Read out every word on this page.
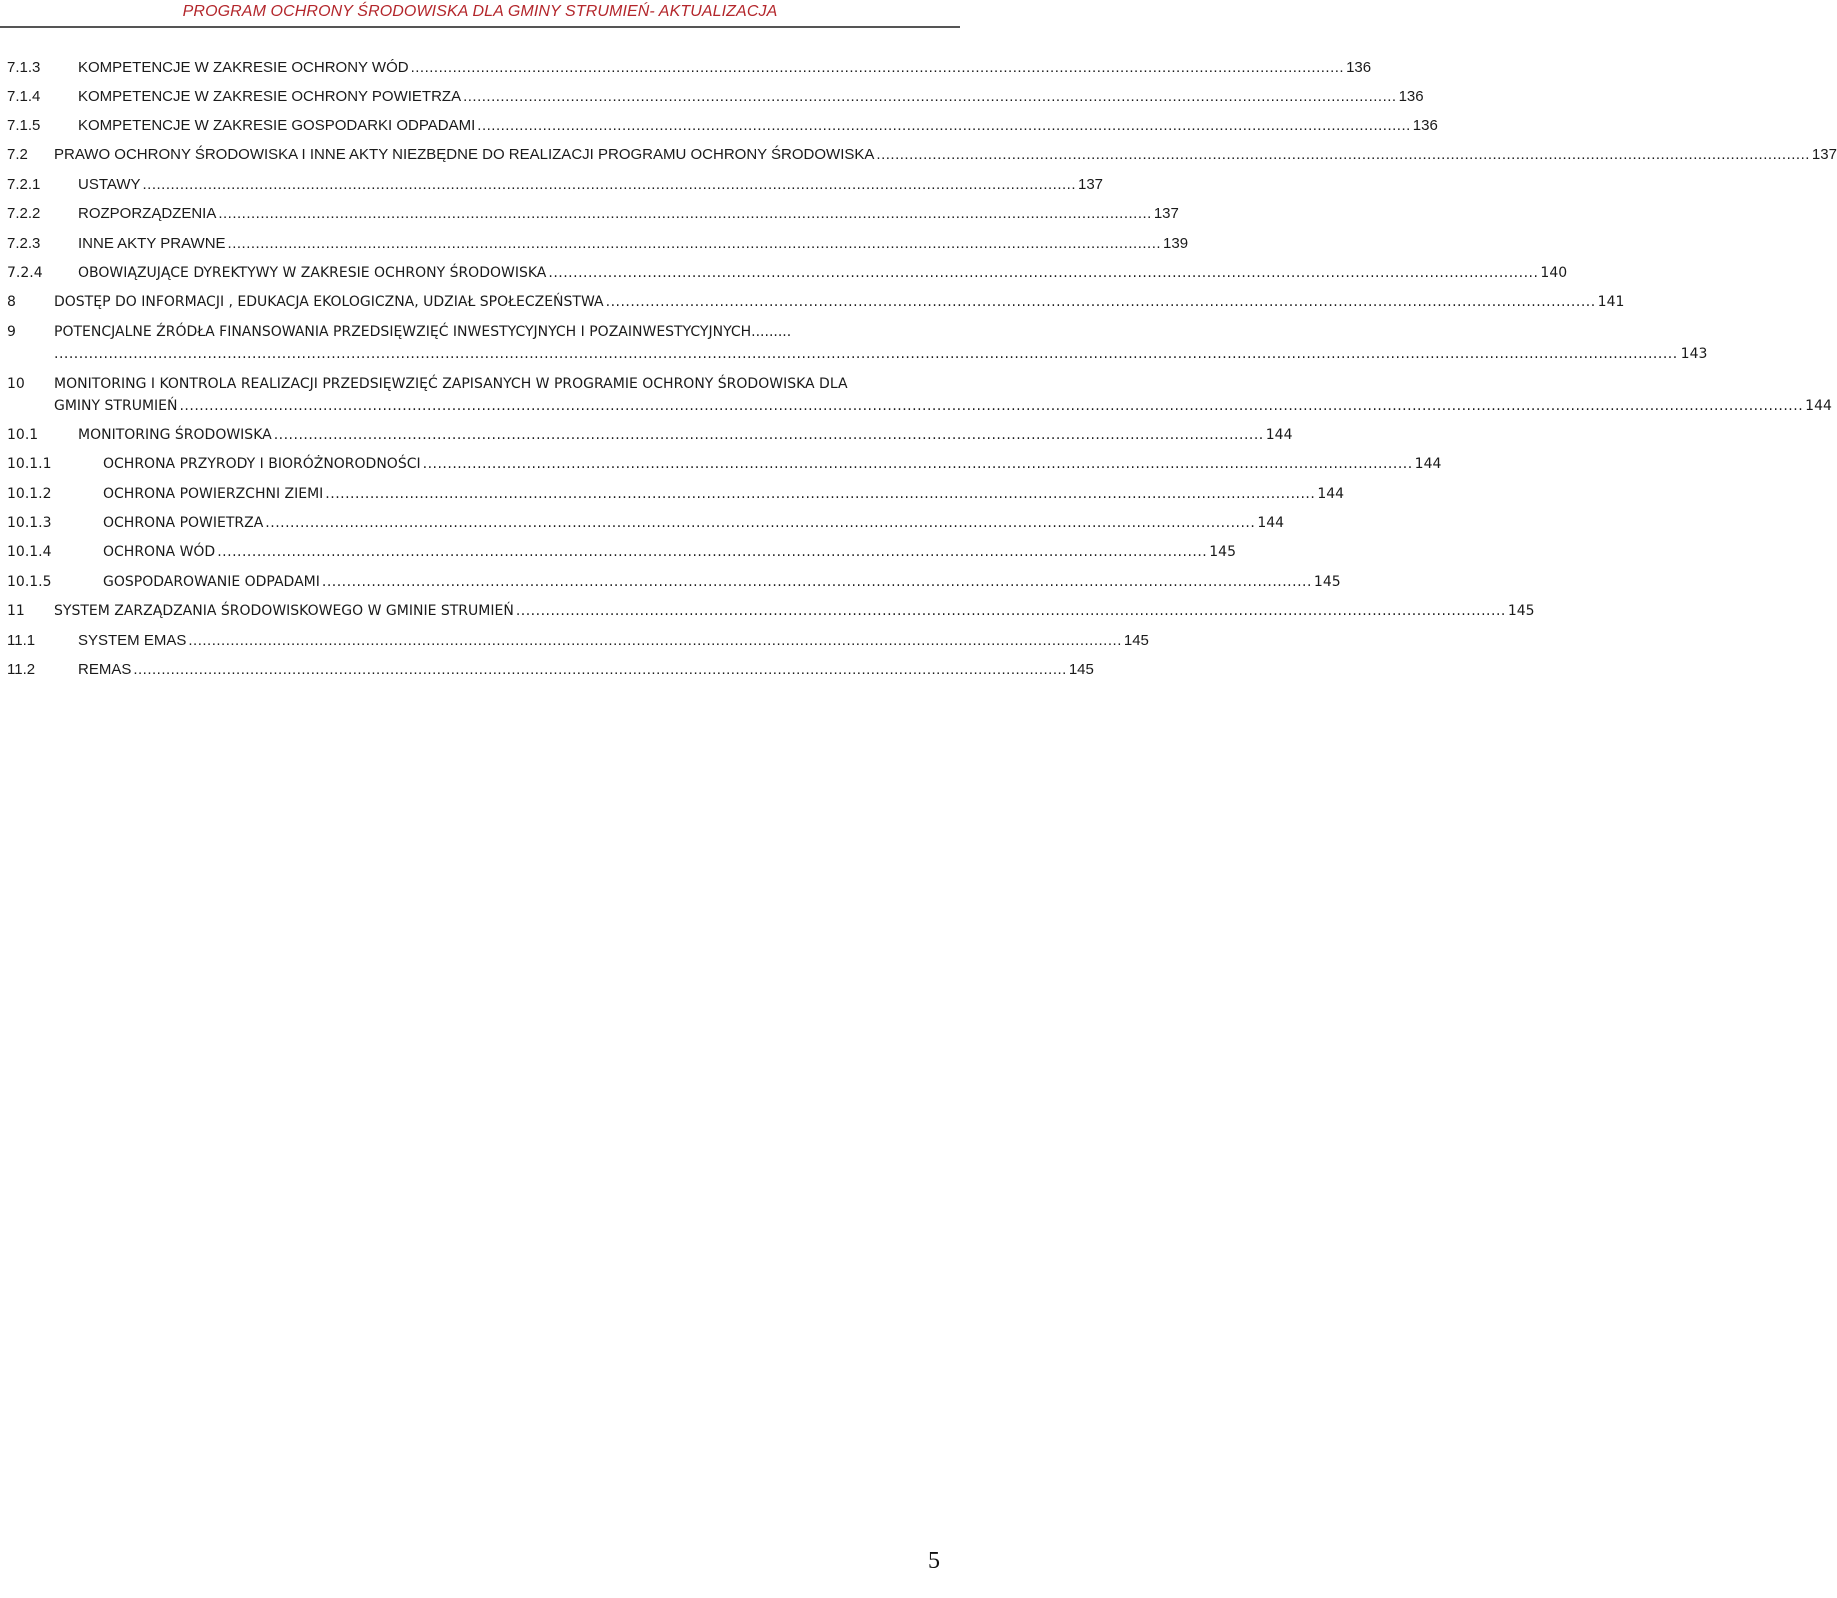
PROGRAM OCHRONY ŚRODOWISKA DLA GMINY STRUMIEŃ- AKTUALIZACJA
7.1.3	KOMPETENCJE W ZAKRESIE OCHRONY WÓD ........................................................................................................................................................................................................ 136
7.1.4	KOMPETENCJE W ZAKRESIE OCHRONY POWIETRZA ........................................................................................................................................................................................................ 136
7.1.5	KOMPETENCJE W ZAKRESIE GOSPODARKI ODPADAMI ........................................................................................................................................................................................................ 136
7.2 PRAWO OCHRONY ŚRODOWISKA I INNE AKTY NIEZBĘDNE DO REALIZACJI PROGRAMU OCHRONY ŚRODOWISKA ........................................................................................................................................................................................................ 137
7.2.1	USTAWY ........................................................................................................................................................................................................ 137
7.2.2	ROZPORZĄDZENIA ........................................................................................................................................................................................................ 137
7.2.3	INNE AKTY PRAWNE ........................................................................................................................................................................................................ 139
7.2.4	OBOWIĄZUJĄCE DYREKTYWY W ZAKRESIE OCHRONY ŚRODOWISKA ........................................................................................................................................................................................................ 140
8	DOSTĘP DO INFORMACJI , EDUKACJA EKOLOGICZNA, UDZIAŁ SPOŁECZEŃSTWA ........................................................................................................................................................................................................ 141
9	POTENCJALNE ŹRÓDŁA FINANSOWANIA PRZEDSIĘWZIĘĆ INWESTYCYJNYCH I POZAINWESTYCYJNYCH .........
........................................................................................................................................................................................................................................................................................................................................ 143
10 MONITORING I KONTROLA REALIZACJI PRZEDSIĘWZIĘĆ ZAPISANYCH W PROGRAMIE OCHRONY ŚRODOWISKA DLA
GMINY STRUMIEŃ ........................................................................................................................................................................................................................................................................................................................................ 144
10.1	MONITORING ŚRODOWISKA ........................................................................................................................................................................................................ 144
10.1.1	OCHRONA PRZYRODY I BIORÓŻNORODNOŚCI ........................................................................................................................................................................................................ 144
10.1.2	OCHRONA POWIERZCHNI ZIEMI ........................................................................................................................................................................................................ 144
10.1.3	OCHRONA POWIETRZA ........................................................................................................................................................................................................ 144
10.1.4	OCHRONA WÓD ........................................................................................................................................................................................................ 145
10.1.5	GOSPODAROWANIE ODPADAMI ........................................................................................................................................................................................................ 145
11 SYSTEM ZARZĄDZANIA ŚRODOWISKOWEGO W GMINIE STRUMIEŃ ........................................................................................................................................................................................................ 145
11.1	SYSTEM EMAS ........................................................................................................................................................................................................ 145
11.2	REMAS ........................................................................................................................................................................................................ 145
5
